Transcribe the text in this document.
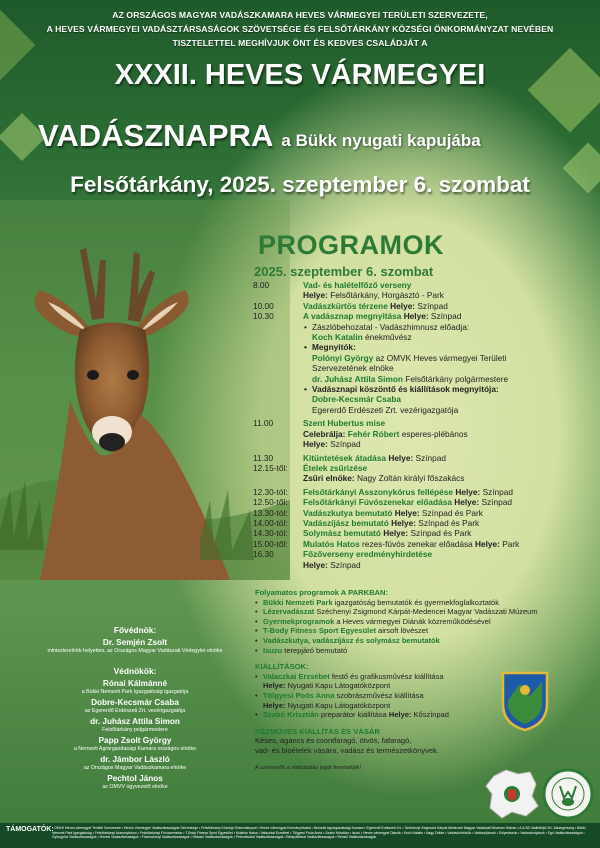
AZ ORSZÁGOS MAGYAR VADÁSZKAMARA HEVES VÁRMEGYEI TERÜLETI SZERVEZETE,
A HEVES VÁRMEGYEI VADÁSZTÁRSASÁGOK SZÖVETSÉGE ÉS FELSŐTÁRKÁNY KÖZSÉGI ÖNKORMÁNYZAT NEVÉBEN
TISZTELETTEL MEGHÍVJUK ÖNT ÉS KEDVES CSALÁDJÁT A
XXXII. HEVES VÁRMEGYEI
VADÁSZNAPRA a Bükk nyugati kapujába
Felsőtárkány, 2025. szeptember 6. szombat
PROGRAMOK
2025. szeptember 6. szombat
8.00	Vad- és halételfőző verseny
Helye: Felsőtárkány, Horgásztó - Park
10.00	Vadászkürtös térzene Helye: Színpad
10.30	A vadásznap megnyitása Helye: Színpad
• Zászlóbehozatal - Vadászhimnusz előadja:
Koch Katalin énekművész
• Megnyitók:
Polónyi György az OMVK Heves vármegyei Területi
Szervezetének elnöke
dr. Juhász Attila Simon Felsőtárkány polgármestere
• Vadásznapi köszöntő és kiállítások megnyitója:
Dobre-Kecsmár Csaba
Egererdő Erdészeti Zrt. vezérigazgatója
11.00	Szent Hubertus mise
Celebrálja: Fehér Róbert esperes-plébános
Helye: Színpad
11.30	Kitüntetések átadása Helye: Színpad
12.15-től:	Ételek zsűrizése
Zsűri elnöke: Nagy Zoltán királyi főszakács
12.30-tól:	Felsőtárkányi Asszonykórus fellépése Helye: Színpad
12.50-től:	Felsőtárkányi Fúvószenekar előadása Helye: Színpad
13.30-tól:	Vadászkutya bemutató Helye: Színpad és Park
14.00-tól:	Vadászíjász bemutató Helye: Színpad és Park
14.30-tól:	Solymász bemutató Helye: Színpad és Park
15.00-től:	Mulatós Hatos rezes-fúvós zenekar előadása Helye: Park
16.30	Főzőverseny eredményhirdetése
Helye: Színpad
Fővédnök:
Dr. Semjén Zsolt
miniszterelnök-helyettes, az Országos Magyar Vadászati Védegylet elnöke
Védnökök:
Rónai Kálmánné
a Bükki Nemzeti Park Igazgatóság igazgatója
Dobre-Kecsmár Csaba
az Egererdő Erdészeti Zrt. vezérigazgatója
dr. Juhász Attila Simon
Felsőtárkány polgármestere
Papp Zsolt György
a Nemzeti Agrárgazdasági Kamara országos elnöke
dr. Jámbor László
az Országos Magyar Vadászkamara elnöke
Pechtol János
az OMVV ügyvezető elnöke
Folyamatos programok A PARKBAN:
• Bükki Nemzeti Park igazgatóság bemutatók és gyermekfoglalkoztatók
• Lézervadászat Széchenyi Zsigmond Kárpát-Medencei Magyar Vadászati Múzeum
• Gyermekprogramok a Heves vármegyei Diánák közreműködésével
• T-Body Fitness Sport Egyesület airsoft lövészet
• Vadászkutya, vadászíjász és solymász bemutatók
• Isuzu terepjáró bemutató
KIÁLLÍTÁSOK:
• Valaczkai Erzsébet festő és grafikusművész kiállítása
Helye: Nyugati Kapu Látogatóközpont
• Tölgyesi Poós Anna szobrászművész kiállítása
Helye: Nyugati Kapu Látogatóközpont
• Szabó Krisztián preparátor kiállítása Helye: Kőszínpad
KÉZMŰVES KIÁLLÍTÁS ÉS VÁSÁR
Késes, agancs és csontfaragó, ötvös, fafaragó,
vad- és bioételek vására, vadász és természetkönyvek.
A szervezők a változtatás jogát fenntartják!
TÁMOGATÓK:
• OMVK Heves vármegyei Területi Szervezete • Heves Vármegyei Vadásztársaságok Szövetsége • Felsőtárkány Községi Önkormányzat • Heves Vármegyei Kormányhivatal • Nemzeti Agrárgazdasági Kamara • Egererdő Erdészeti Zrt. • Széchenyi Zsigmond Kárpát-Medencei Magyar Vadászati Múzeum Hatvan • A & BZ Vadkőfejtő Zrt. Zalaegerszeg • Bükki Nemzeti Park Igazgatóság • Felsőtárkányi Asszonykórus • Felsőtárkányi Fúvószenekar • T-Body Fitness Sport Egyesület • Mulatós Hatos • Valaczkai Erzsébet • Tölgyesi Poós Anna • Szabó Krisztián • Isuzu • Heves vármegyei Diánák • Koch Katalin • Nagy Zoltán • Vadászkürtösök • Vadászíjászok • Solymászok • Vadászkutyások • Egri Vadásztársaságok • Gyöngyösi Vadásztársaságok • Hevesi Vadásztársaságok • Füzesabonyi Vadásztársaságok • Hatvani Vadásztársaságok • Pétervásárai Vadásztársaságok • Bélapátfalvai Vadásztársaságok • Recski Vadásztársaságok
